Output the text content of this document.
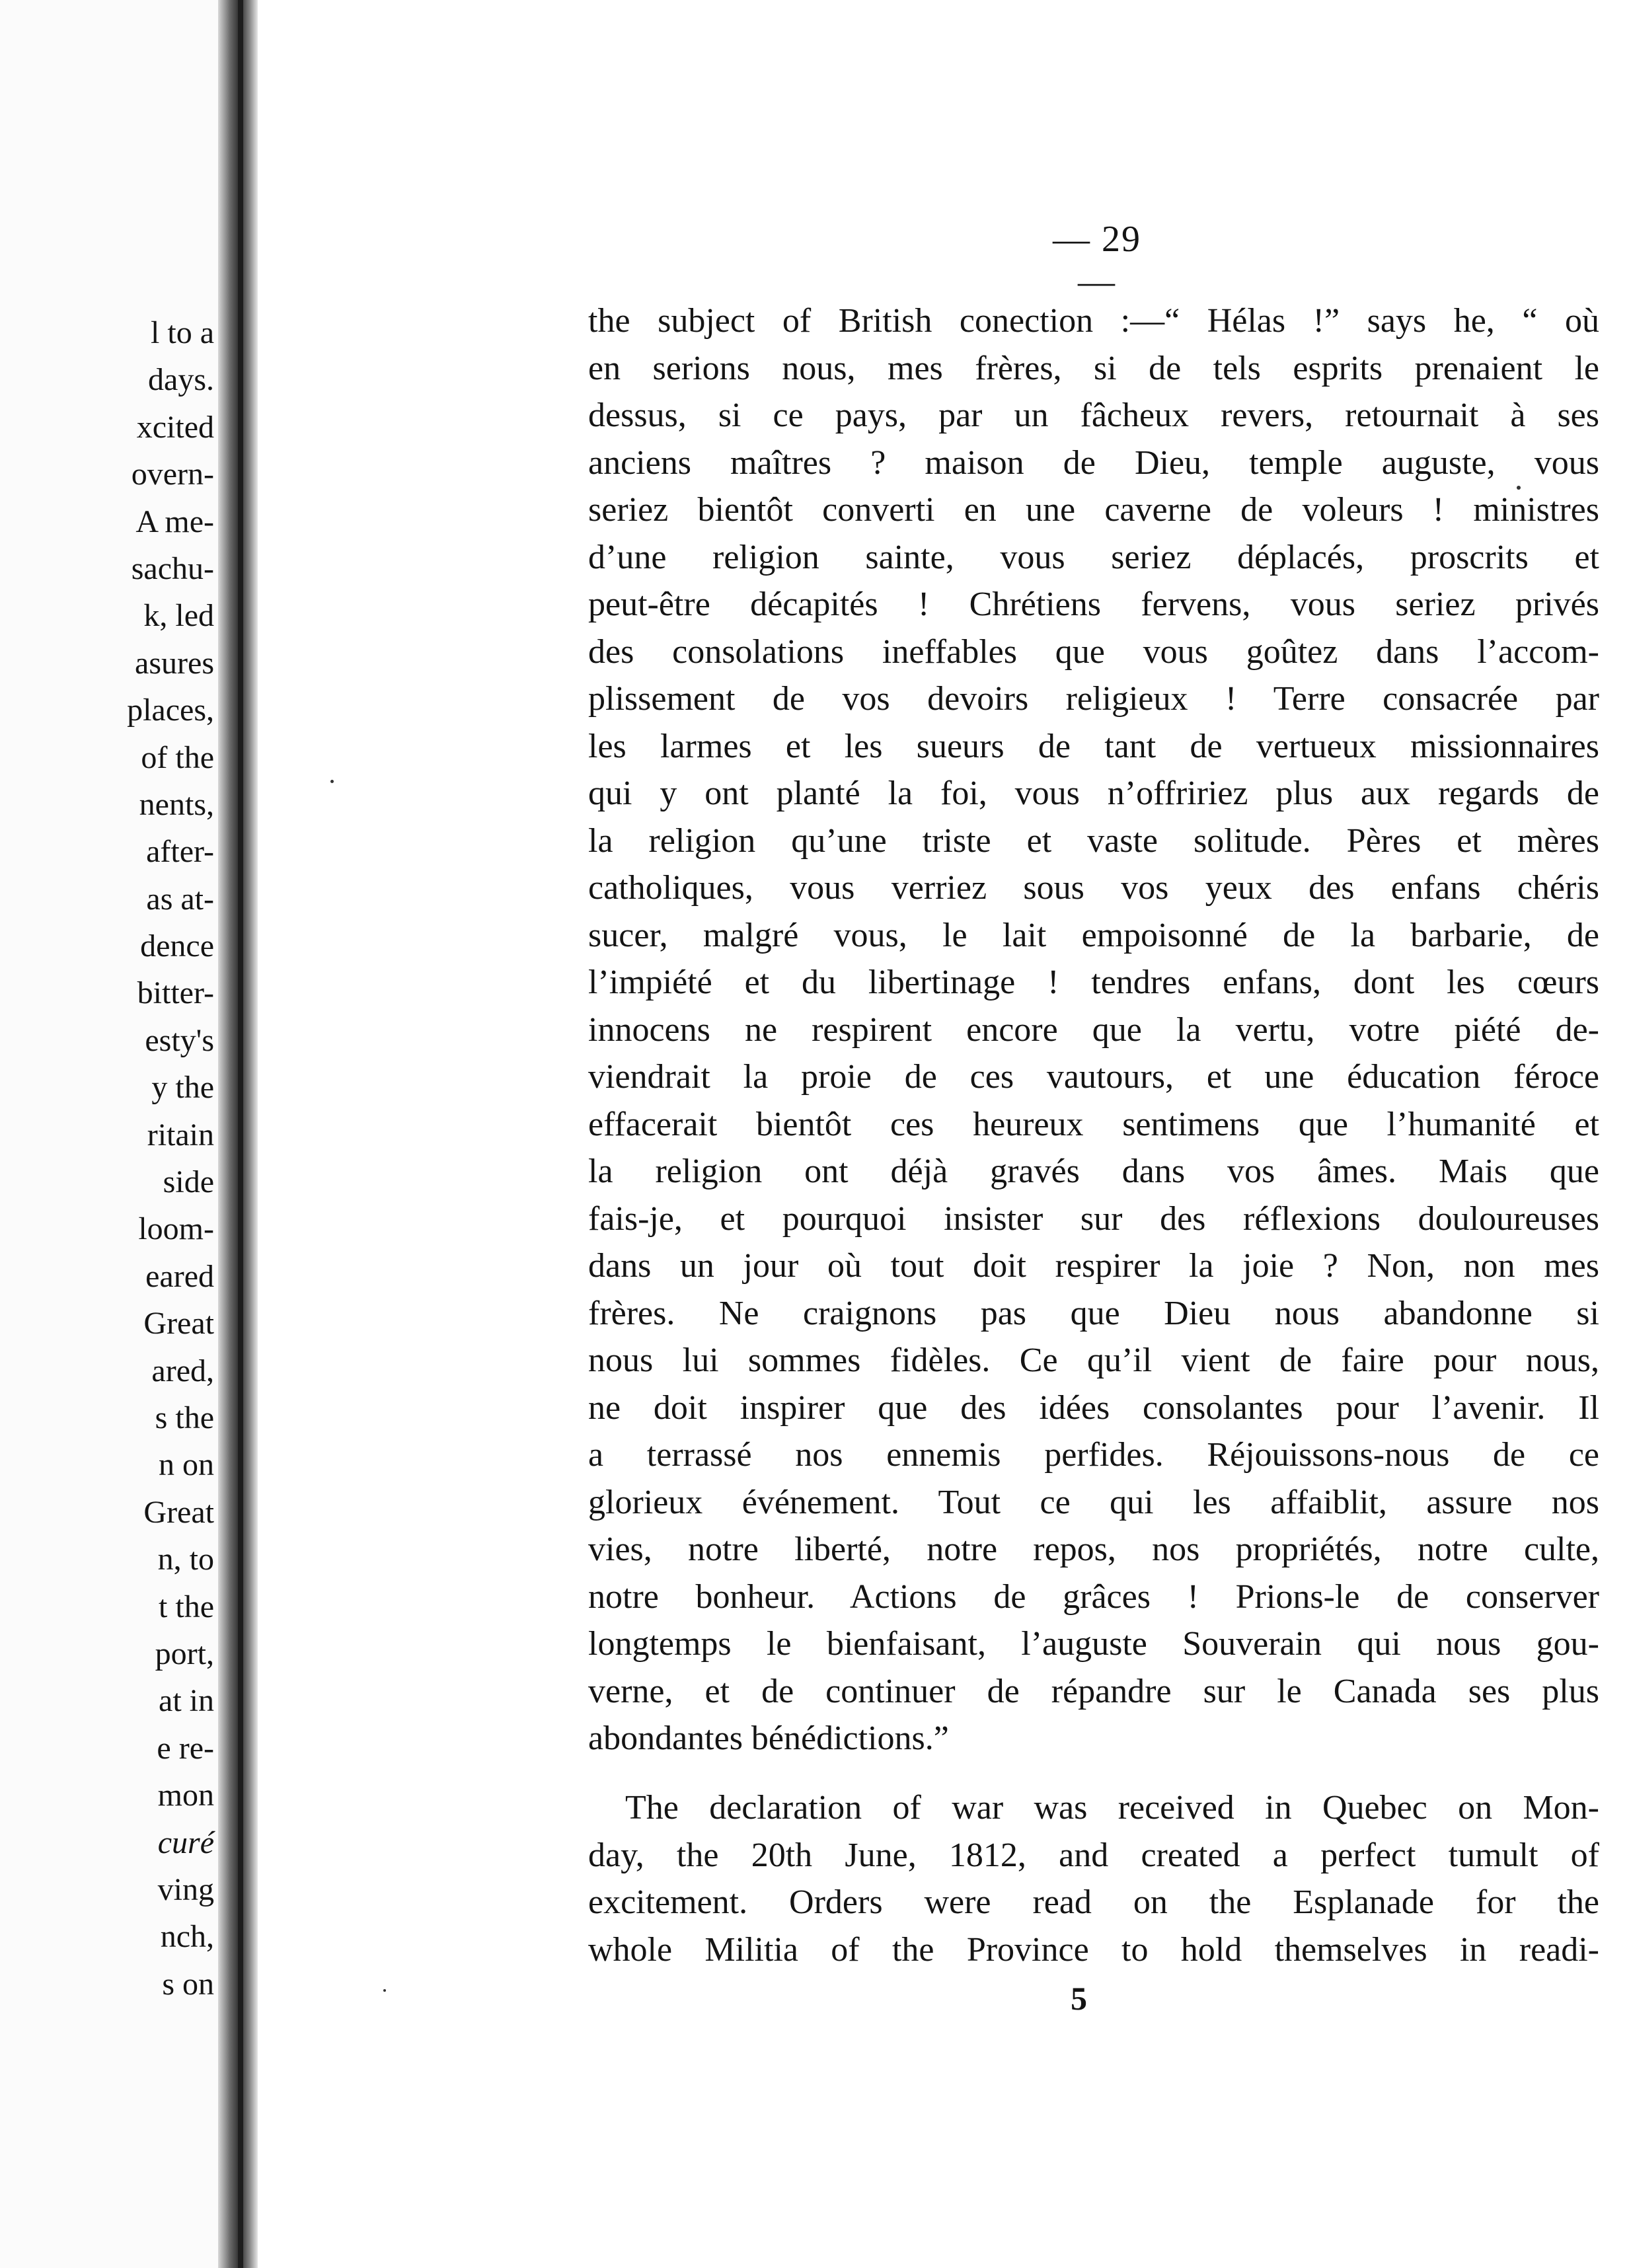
l to a
days.
xcited
overn-
A me-
sachu-
k, led
asures
places,
of the
nents,
after-
as at-
dence
bitter-
esty's
y the
ritain
side
loom-
eared
Great
ared,
s the
n on
Great
n, to
t the
port,
at in
e re-
mon
curé
ving
nch,
s on
— 29 —
the subject of British conection :—“ Hélas !” says he, “ où
en serions nous, mes frères, si de tels esprits prenaient le
dessus, si ce pays, par un fâcheux revers, retournait à ses
anciens maîtres ? maison de Dieu, temple auguste, vous
seriez bientôt converti en une caverne de voleurs ! ministres
d’une religion sainte, vous seriez déplacés, proscrits et
peut-être décapités ! Chrétiens fervens, vous seriez privés
des consolations ineffables que vous goûtez dans l’accom-
plissement de vos devoirs religieux ! Terre consacrée par
les larmes et les sueurs de tant de vertueux missionnaires
qui y ont planté la foi, vous n’offririez plus aux regards de
la religion qu’une triste et vaste solitude. Pères et mères
catholiques, vous verriez sous vos yeux des enfans chéris
sucer, malgré vous, le lait empoisonné de la barbarie, de
l’impiété et du libertinage ! tendres enfans, dont les cœurs
innocens ne respirent encore que la vertu, votre piété de-
viendrait la proie de ces vautours, et une éducation féroce
effacerait bientôt ces heureux sentimens que l’humanité et
la religion ont déjà gravés dans vos âmes. Mais que
fais-je, et pourquoi insister sur des réflexions douloureuses
dans un jour où tout doit respirer la joie ? Non, non mes
frères. Ne craignons pas que Dieu nous abandonne si
nous lui sommes fidèles. Ce qu’il vient de faire pour nous,
ne doit inspirer que des idées consolantes pour l’avenir. Il
a terrassé nos ennemis perfides. Réjouissons-nous de ce
glorieux événement. Tout ce qui les affaiblit, assure nos
vies, notre liberté, notre repos, nos propriétés, notre culte,
notre bonheur. Actions de grâces ! Prions-le de conserver
longtemps le bienfaisant, l’auguste Souverain qui nous gou-
verne, et de continuer de répandre sur le Canada ses plus
abondantes bénédictions.”
The declaration of war was received in Quebec on Mon-
day, the 20th June, 1812, and created a perfect tumult of
excitement. Orders were read on the Esplanade for the
whole Militia of the Province to hold themselves in readi-
5
